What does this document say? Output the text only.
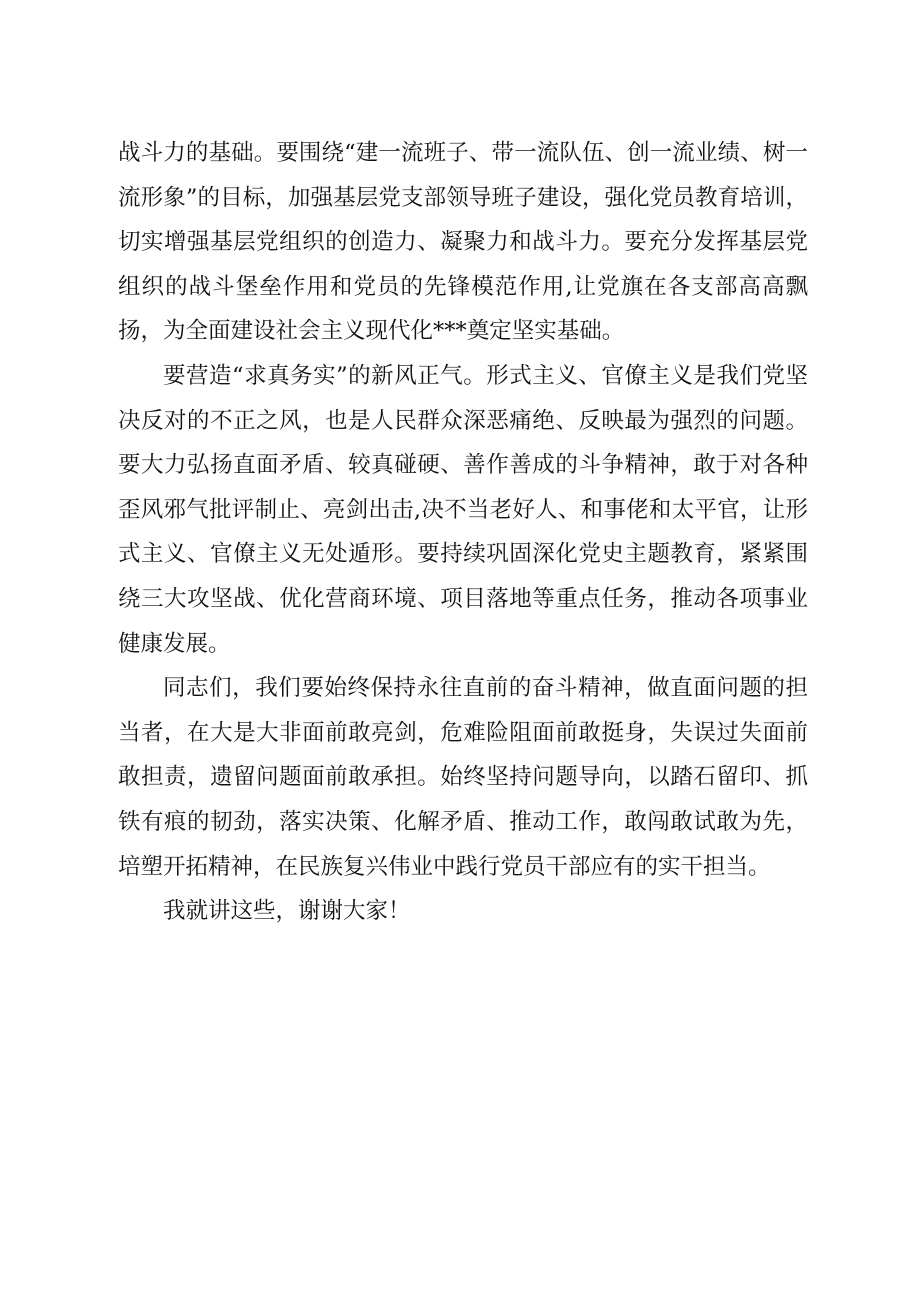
战斗力的基础。要围绕“建一流班子、带一流队伍、创一流业绩、树一流形象”的目标，加强基层党支部领导班子建设，强化党员教育培训，切实增强基层党组织的创造力、凝聚力和战斗力。要充分发挥基层党组织的战斗堡垒作用和党员的先锋模范作用,让党旗在各支部高高飘扬，为全面建设社会主义现代化***奠定坚实基础。

要营造“求真务实”的新风正气。形式主义、官僚主义是我们党坚决反对的不正之风，也是人民群众深恶痛绝、反映最为强烈的问题。要大力弘扬直面矛盾、较真碰硬、善作善成的斗争精神，敢于对各种歪风邪气批评制止、亮剑出击,决不当老好人、和事佬和太平官，让形式主义、官僚主义无处遁形。要持续巩固深化党史主题教育，紧紧围绕三大攻坚战、优化营商环境、项目落地等重点任务，推动各项事业健康发展。

同志们，我们要始终保持永往直前的奋斗精神，做直面问题的担当者，在大是大非面前敢亮剑，危难险阻面前敢挺身，失误过失面前敢担责，遗留问题面前敢承担。始终坚持问题导向，以踏石留印、抓铁有痕的韧劲，落实决策、化解矛盾、推动工作，敢闯敢试敢为先，培塑开拓精神，在民族复兴伟业中践行党员干部应有的实干担当。

我就讲这些，谢谢大家！
